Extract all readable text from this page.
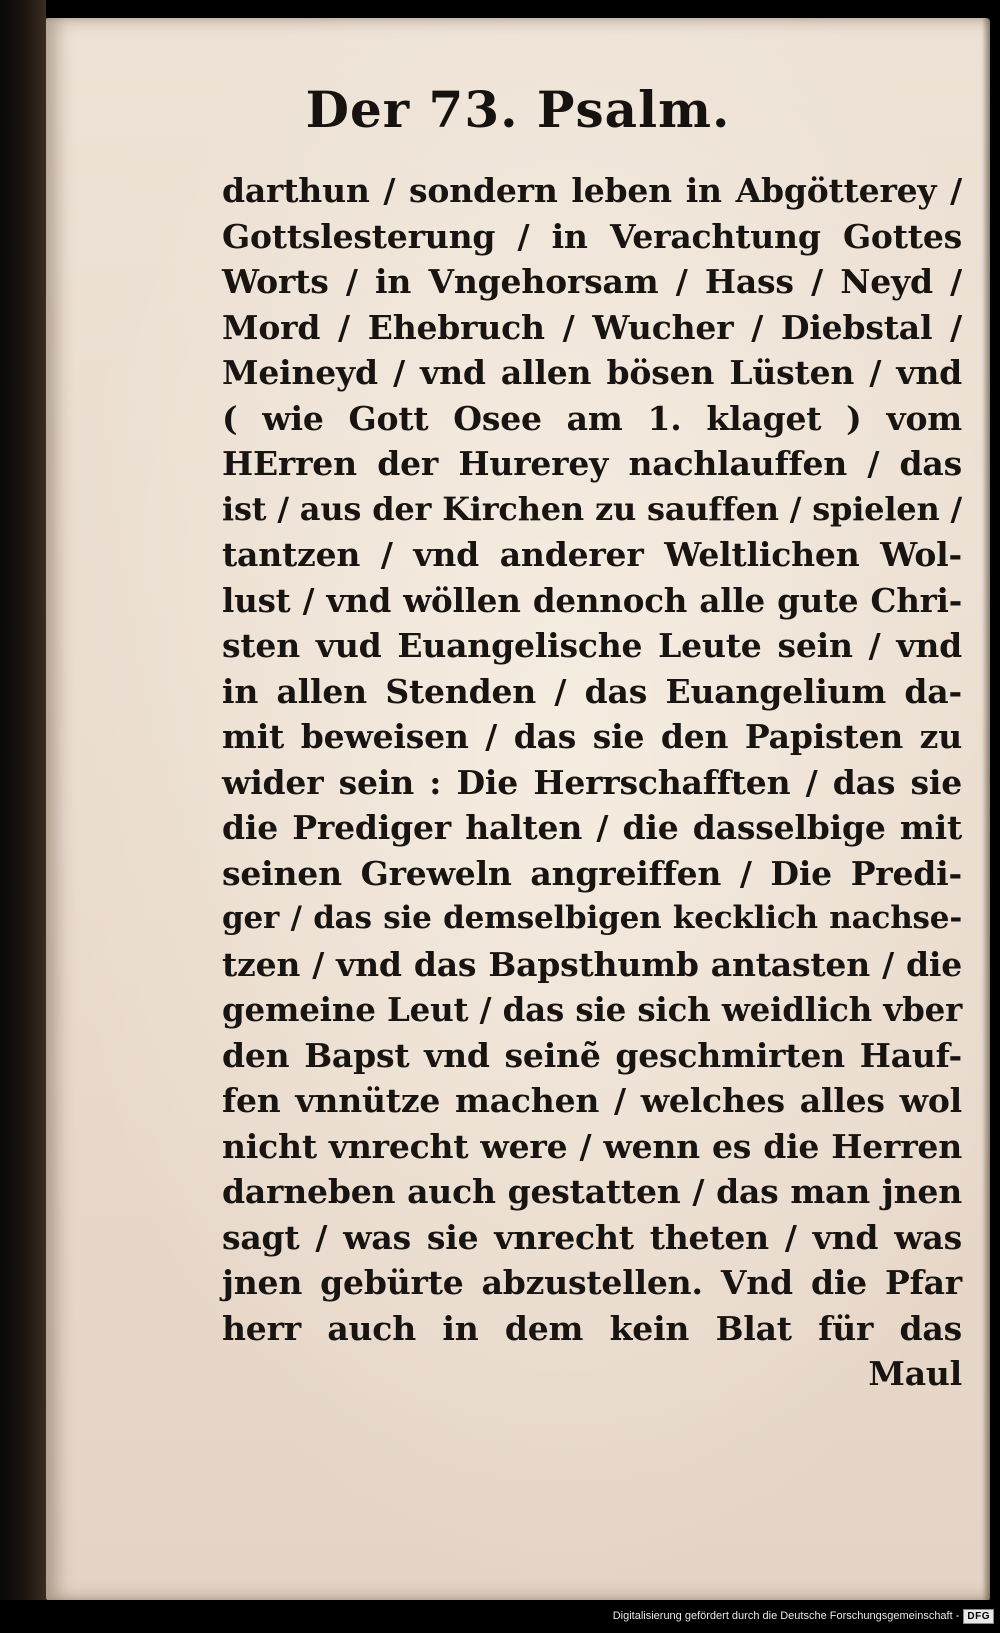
Der 73. Psalm.
darthun / sondern leben in Abgötterey /
Gottslesterung / in Verachtung Gottes
Worts / in Vngehorsam / Hass / Neyd /
Mord / Ehebruch / Wucher / Diebstal /
Meineyd / vnd allen bösen Lüsten / vnd
( wie Gott Osee am 1. klaget ) vom
HErren der Hurerey nachlauffen / das
ist / aus der Kirchen zu sauffen / spielen /
tantzen / vnd anderer Weltlichen Wol-
lust / vnd wöllen dennoch alle gute Chri-
sten vud Euangelische Leute sein / vnd
in allen Stenden / das Euangelium da-
mit beweisen / das sie den Papisten zu
wider sein : Die Herrschafften / das sie
die Prediger halten / die dasselbige mit
seinen Greweln angreiffen / Die Predi-
ger / das sie demselbigen kecklich nachse-
tzen / vnd das Bapsthumb antasten / die
gemeine Leut / das sie sich weidlich vber
den Bapst vnd seinẽ geschmirten Hauf-
fen vnnütze machen / welches alles wol
nicht vnrecht were / wenn es die Herren
darneben auch gestatten / das man jnen
sagt / was sie vnrecht theten / vnd was
jnen gebürte abzustellen. Vnd die Pfar
herr auch in dem kein Blat für das
Maul
Digitalisierung gefördert durch die Deutsche Forschungsgemeinschaft - DFG
